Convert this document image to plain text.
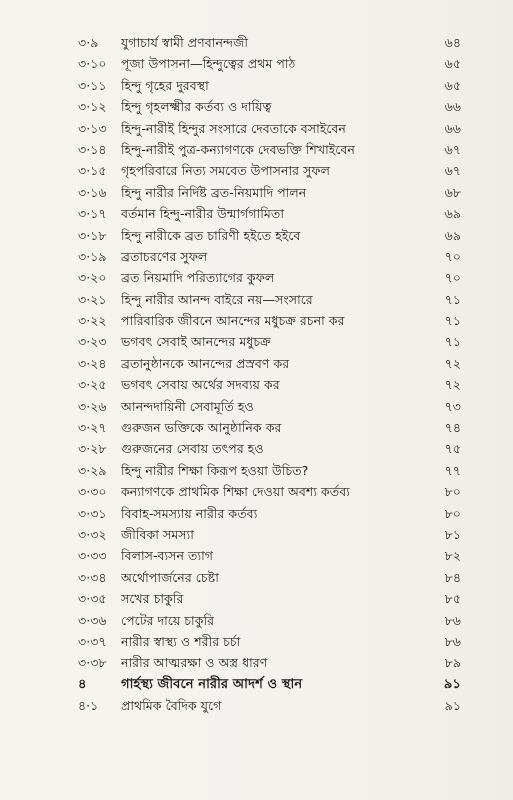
৩·৯	যুগাচার্য স্বামী প্রণবানন্দজী	৬৪
৩·১০	পূজা উপাসনা—হিন্দুত্বের প্রথম পাঠ	৬৫
৩·১১	হিন্দু গৃহের দুরবস্থা	৬৫
৩·১২	হিন্দু গৃহলক্ষ্মীর কর্তব্য ও দায়িত্ব	৬৬
৩·১৩	হিন্দু-নারীই হিন্দুর সংসারে দেবতাকে বসাইবেন	৬৬
৩·১৪	হিন্দু-নারীই পুত্র-কন্যাগণকে দেবভক্তি শিখাইবেন	৬৭
৩·১৫	গৃহপরিবারে নিত্য সমবেত উপাসনার সুফল	৬৭
৩·১৬	হিন্দু নারীর নির্দিষ্ট ব্রত-নিয়মাদি পালন	৬৮
৩·১৭	বর্তমান হিন্দু-নারীর উন্মার্গগামিতা	৬৯
৩·১৮	হিন্দু নারীকে ব্রত চারিণী হইতে হইবে	৬৯
৩·১৯	ব্রতাচরণের সুফল	৭০
৩·২০	ব্রত নিয়মাদি পরিত্যাগের কুফল	৭০
৩·২১	হিন্দু নারীর আনন্দ বাইরে নয়—সংসারে	৭১
৩·২২	পারিবারিক জীবনে আনন্দের মধুচক্র রচনা কর	৭১
৩·২৩	ভগবৎ সেবাই আনন্দের মধুচক্র	৭১
৩·২৪	ব্রতানুষ্ঠানকে আনন্দের প্রস্রবণ কর	৭২
৩·২৫	ভগবৎ সেবায় অর্থের সদব্যয় কর	৭২
৩·২৬	আনন্দদায়িনী সেবামূর্তি হও	৭৩
৩·২৭	গুরুজন ভক্তিকে আনুষ্ঠানিক কর	৭৪
৩·২৮	গুরুজনের সেবায় তৎপর হও	৭৫
৩·২৯	হিন্দু নারীর শিক্ষা কিরূপ হওয়া উচিত?	৭৭
৩·৩০	কন্যাগণকে প্রাথমিক শিক্ষা দেওয়া অবশ্য কর্তব্য	৮০
৩·৩১	বিবাহ-সমস্যায় নারীর কর্তব্য	৮০
৩·৩২	জীবিকা সমস্যা	৮১
৩·৩৩	বিলাস-ব্যসন ত্যাগ	৮২
৩·৩৪	অর্থোপার্জনের চেষ্টা	৮৪
৩·৩৫	সখের চাকুরি	৮৫
৩·৩৬	পেটের দায়ে চাকুরি	৮৬
৩·৩৭	নারীর স্বাস্থ্য ও শরীর চর্চা	৮৬
৩·৩৮	নারীর আত্মরক্ষা ও অস্ত্র ধারণ	৮৯
৪	গার্হস্থ্য জীবনে নারীর আদর্শ ও স্থান	৯১
৪·১	প্রাথমিক বৈদিক যুগে	৯১
